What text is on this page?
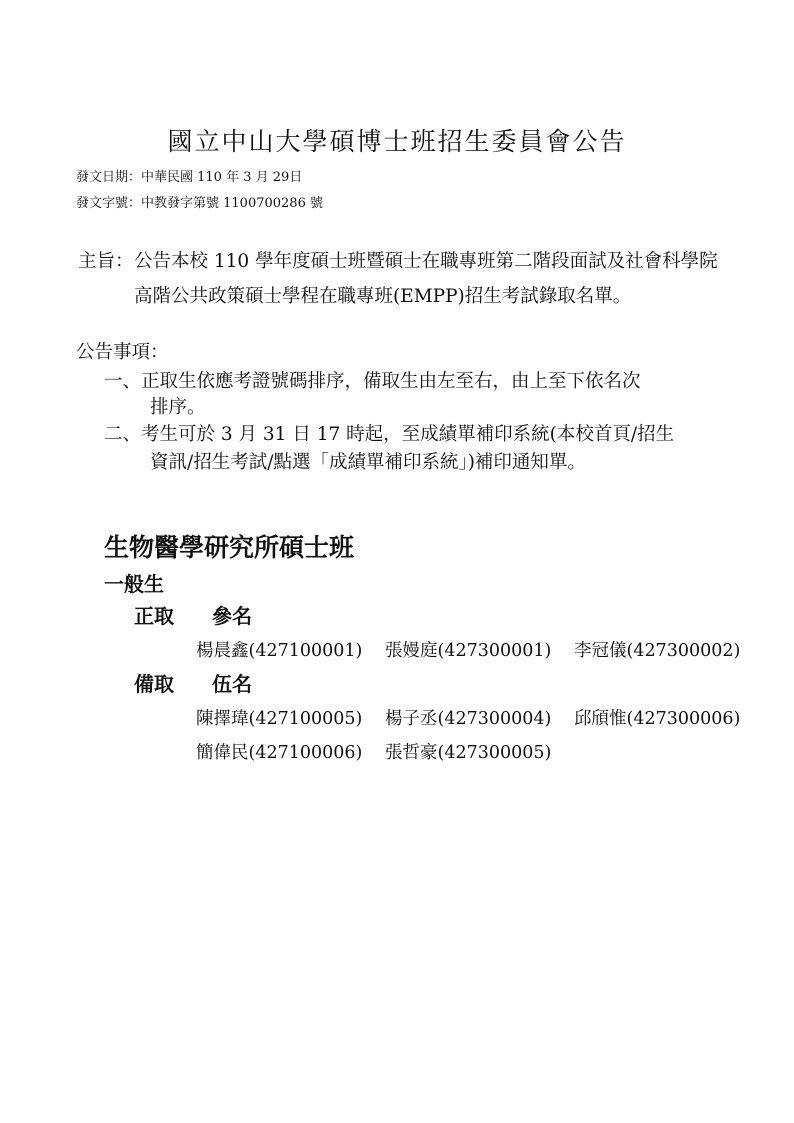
國立中山大學碩博士班招生委員會公告
發文日期：中華民國 110 年 3 月 29日
發文字號：中教發字第號 1100700286 號
主旨： 公告本校 110 學年度碩士班暨碩士在職專班第二階段面試及社會科學院高階公共政策碩士學程在職專班(EMPP)招生考試錄取名單。
公告事項：
一、正取生依應考證號碼排序，備取生由左至右，由上至下依名次
排序。
二、考生可於 3 月 31 日 17 時起，至成績單補印系統(本校首頁/招生
資訊/招生考試/點選「成績單補印系統」)補印通知單。
生物醫學研究所碩士班
一般生
正取 參名
楊晨鑫(427100001) 張嫚庭(427300001) 李冠儀(427300002)
備取 伍名
陳擇瑋(427100005) 楊子丞(427300004) 邱頎惟(427300006)
簡偉民(427100006) 張哲豪(427300005)
